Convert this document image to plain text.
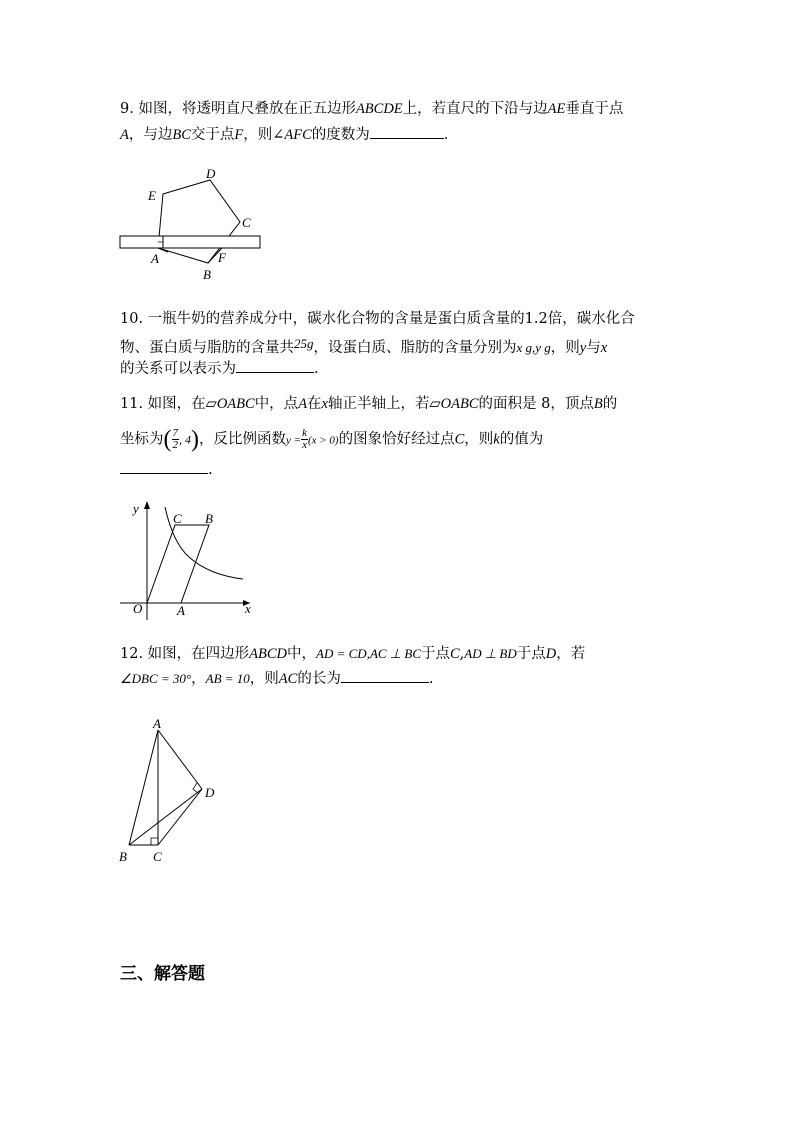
9. 如图，将透明直尺叠放在正五边形ABCDE上，若直尺的下沿与边AE垂直于点
A，与边BC交于点F，则∠AFC的度数为	.
E
D
C
A	F
B
10. 一瓶牛奶的营养成分中，碳水化合物的含量是蛋白质含量的1.2倍，碳水化合
物、蛋白质与脂肪的含量共25g，设蛋白质、脂肪的含量分别为x g,y g，则y与x
的关系可以表示为	.
11. 如图，在▱OABC中，点A在x轴正半轴上，若▱OABC的面积是 8，顶点B的
坐标为( $\frac{7}{2}$ , 4)，反比例函数$y = \frac{k}{x} (x > 0)$的图象恰好经过点C，则k的值为
.
y
x
O	A
C B
12. 如图，在四边形ABCD中，AD = CD,AC ⊥ BC于点C,AD ⊥ BD于点D，若
∠DBC = 30°，AB = 10，则AC的长为	.
A
D
B C
三、解答题
